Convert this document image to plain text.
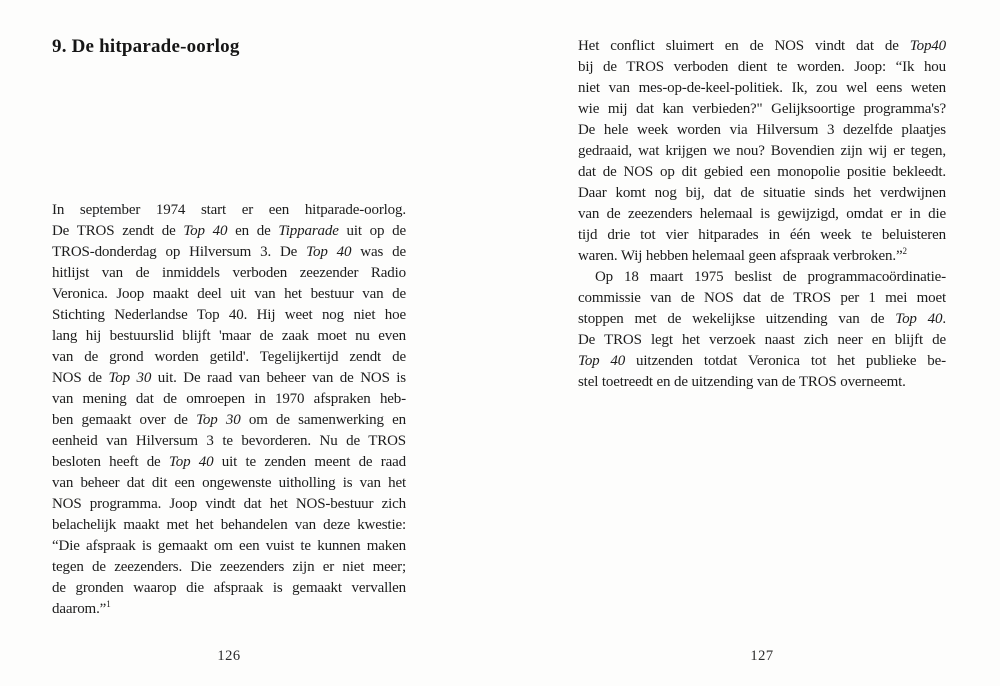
9. De hitparade-oorlog
In september 1974 start er een hitparade-oorlog.
De TROS zendt de Top 40 en de Tipparade uit op de
TROS-donderdag op Hilversum 3. De Top 40 was de
hitlijst van de inmiddels verboden zeezender Radio
Veronica. Joop maakt deel uit van het bestuur van de
Stichting Nederlandse Top 40. Hij weet nog niet hoe
lang hij bestuurslid blijft 'maar de zaak moet nu even
van de grond worden getild'. Tegelijkertijd zendt de
NOS de Top 30 uit. De raad van beheer van de NOS is
van mening dat de omroepen in 1970 afspraken heb-
ben gemaakt over de Top 30 om de samenwerking en
eenheid van Hilversum 3 te bevorderen. Nu de TROS
besloten heeft de Top 40 uit te zenden meent de raad
van beheer dat dit een ongewenste uitholling is van het
NOS programma. Joop vindt dat het NOS-bestuur zich
belachelijk maakt met het behandelen van deze kwestie:
“Die afspraak is gemaakt om een vuist te kunnen maken
tegen de zeezenders. Die zeezenders zijn er niet meer;
de gronden waarop die afspraak is gemaakt vervallen
daarom.”$^1$
126
Het conflict sluimert en de NOS vindt dat de Top40
bij de TROS verboden dient te worden. Joop: “Ik hou
niet van mes-op-de-keel-politiek. Ik, zou wel eens weten
wie mij dat kan verbieden?" Gelijksoortige programma's?
De hele week worden via Hilversum 3 dezelfde plaatjes
gedraaid, wat krijgen we nou? Bovendien zijn wij er tegen,
dat de NOS op dit gebied een monopolie positie bekleedt.
Daar komt nog bij, dat de situatie sinds het verdwijnen
van de zeezenders helemaal is gewijzigd, omdat er in die
tijd drie tot vier hitparades in één week te beluisteren
waren. Wij hebben helemaal geen afspraak verbroken.”$^2$
Op 18 maart 1975 beslist de programmacoördinatie-
commissie van de NOS dat de TROS per 1 mei moet
stoppen met de wekelijkse uitzending van de Top 40.
De TROS legt het verzoek naast zich neer en blijft de
Top 40 uitzenden totdat Veronica tot het publieke be-
stel toetreedt en de uitzending van de TROS overneemt.
127
